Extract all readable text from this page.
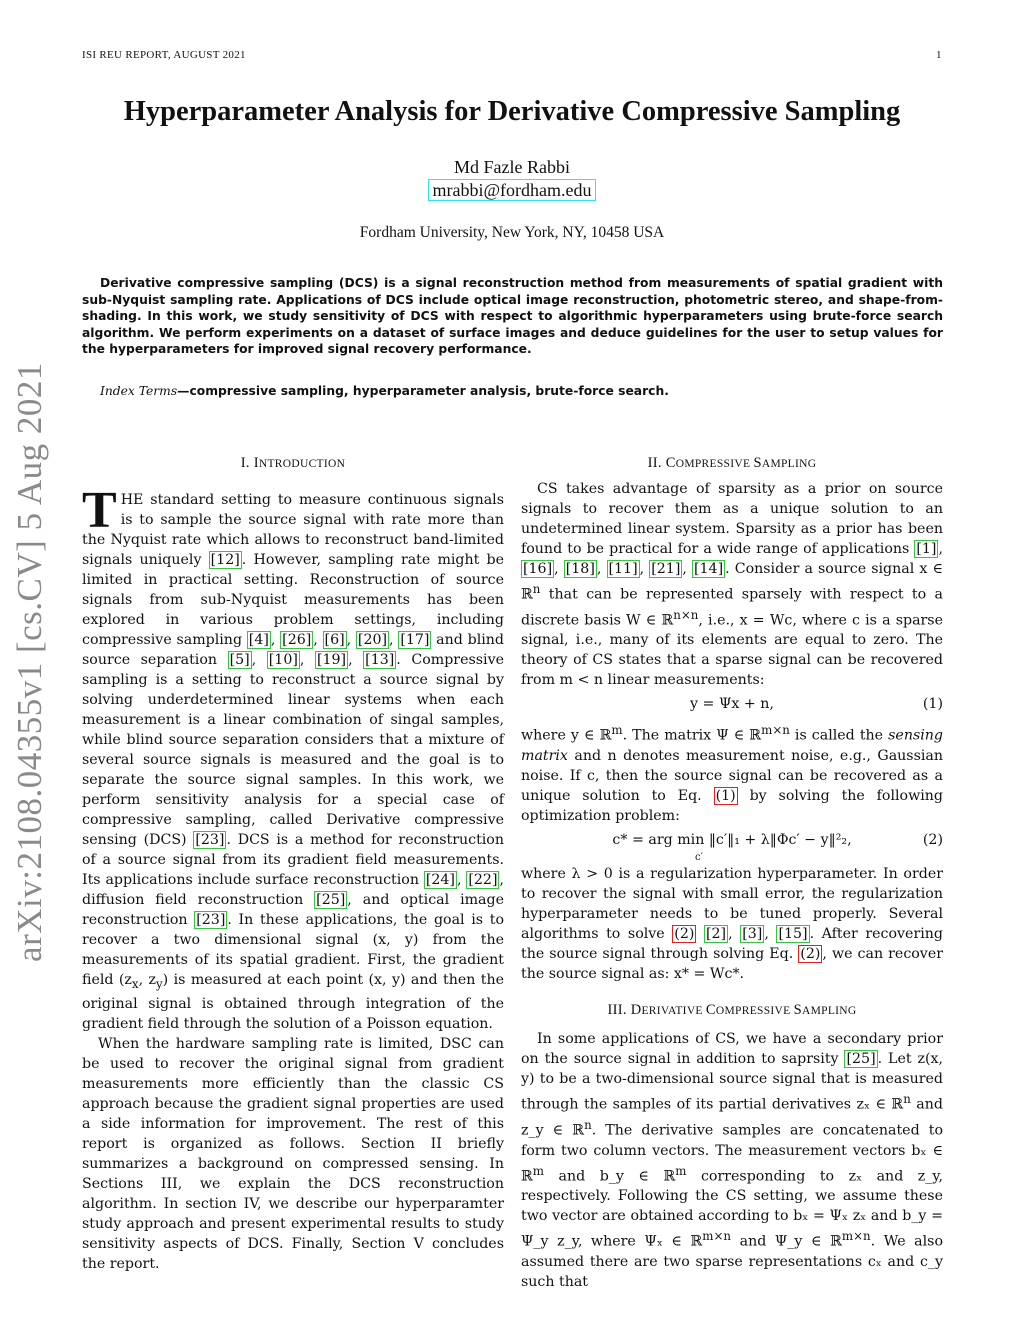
ISI REU REPORT, AUGUST 2021	1
arXiv:2108.04355v1 [cs.CV] 5 Aug 2021
Hyperparameter Analysis for Derivative Compressive Sampling
Md Fazle Rabbi
mrabbi@fordham.edu
Fordham University, New York, NY, 10458 USA
Derivative compressive sampling (DCS) is a signal reconstruction method from measurements of spatial gradient with sub-Nyquist sampling rate. Applications of DCS include optical image reconstruction, photometric stereo, and shape-from-shading. In this work, we study sensitivity of DCS with respect to algorithmic hyperparameters using brute-force search algorithm. We perform experiments on a dataset of surface images and deduce guidelines for the user to setup values for the hyperparameters for improved signal recovery performance.
Index Terms—compressive sampling, hyperparameter analysis, brute-force search.
I. INTRODUCTION	II. COMPRESSIVE SAMPLING

THE standard setting to measure continuous signals is to sample the source signal with rate more than the Nyquist rate which allows to reconstruct band-limited signals uniquely [12] . However, sampling rate might be limited in practical setting. Reconstruction of source signals from sub-Nyquist measurements has been explored in various problem settings, including compressive sampling [4] , [26] , [6] , [20] , [17] and blind source separation [5] , [10] , [19] , [13] . Compressive sampling is a setting to reconstruct a source signal by solving underdetermined linear systems when each measurement is a linear combination of singal samples, while blind source separation considers that a mixture of several source signals is measured and the goal is to separate the source signal samples. In this work, we perform sensitivity analysis for a special case of compressive sampling, called Derivative compressive sensing (DCS) [23] . DCS is a method for reconstruction of a source signal from its gradient field measurements. Its applications include surface reconstruction [24] , [22] , diffusion field reconstruction [25] , and optical image reconstruction [23] . In these applications, the goal is to recover a two dimensional signal (x, y) from the measurements of its spatial gradient. First, the gradient field ($z_x$, $z_y$) is measured at each point (x, y) and then the original signal is obtained through integration of the gradient field through the solution of a Poisson equation.

When the hardware sampling rate is limited, DSC can be used to recover the original signal from gradient measurements more efficiently than the classic CS approach because the gradient signal properties are used a side information for improvement. The rest of this report is organized as follows. Section II briefly summarizes a background on compressed sensing. In Sections III, we explain the DCS reconstruction algorithm. In section IV, we describe our hyperparamter study approach and present experimental results to study sensitivity aspects of DCS. Finally, Section V concludes the report.

CS takes advantage of sparsity as a prior on source signals to recover them as a unique solution to an undetermined linear system. Sparsity as a prior has been found to be practical for a wide range of applications [1] , [16] , [18] , [11] , [21] , [14] . Consider a source signal x ∈ ℝ$^n$ that can be represented sparsely with respect to a discrete basis W ∈ ℝ$^{n\times n}$, i.e., x = Wc, where c is a sparse signal, i.e., many of its elements are equal to zero. The theory of CS states that a sparse signal can be recovered from m < n linear measurements:

y = Ψx + n,	(1)

where y ∈ ℝ$^m$. The matrix Ψ ∈ ℝ$^{m\times n}$ is called the sensing matrix and n denotes measurement noise, e.g., Gaussian noise. If c, then the source signal can be recovered as a unique solution to Eq. (1) by solving the following optimization problem:

c* = arg min ‖c′‖₁ + λ‖Φc′ − y‖²₂,
c′
(2)

where λ > 0 is a regularization hyperparameter. In order to recover the signal with small error, the regularization hyperparameter needs to be tuned properly. Several algorithms to solve (2) [2] , [3] , [15] . After recovering the source signal through solving Eq. (2) , we can recover the source signal as: x* = Wc*.

III. DERIVATIVE COMPRESSIVE SAMPLING

In some applications of CS, we have a secondary prior on the source signal in addition to saprsity [25] . Let z(x, y) to be a two-dimensional source signal that is measured through the samples of its partial derivatives zₓ ∈ ℝ$^n$ and z_y ∈ ℝ$^n$. The derivative samples are concatenated to form two column vectors. The measurement vectors bₓ ∈ ℝ$^m$ and b_y ∈ ℝ$^m$ corresponding to zₓ and z_y, respectively. Following the CS setting, we assume these two vector are obtained according to bₓ = Ψₓ zₓ and b_y = Ψ_y z_y, where Ψₓ ∈ ℝ$^{m\times n}$ and Ψ_y ∈ ℝ$^{m\times n}$. We also assumed there are two sparse representations cₓ and c_y such that
